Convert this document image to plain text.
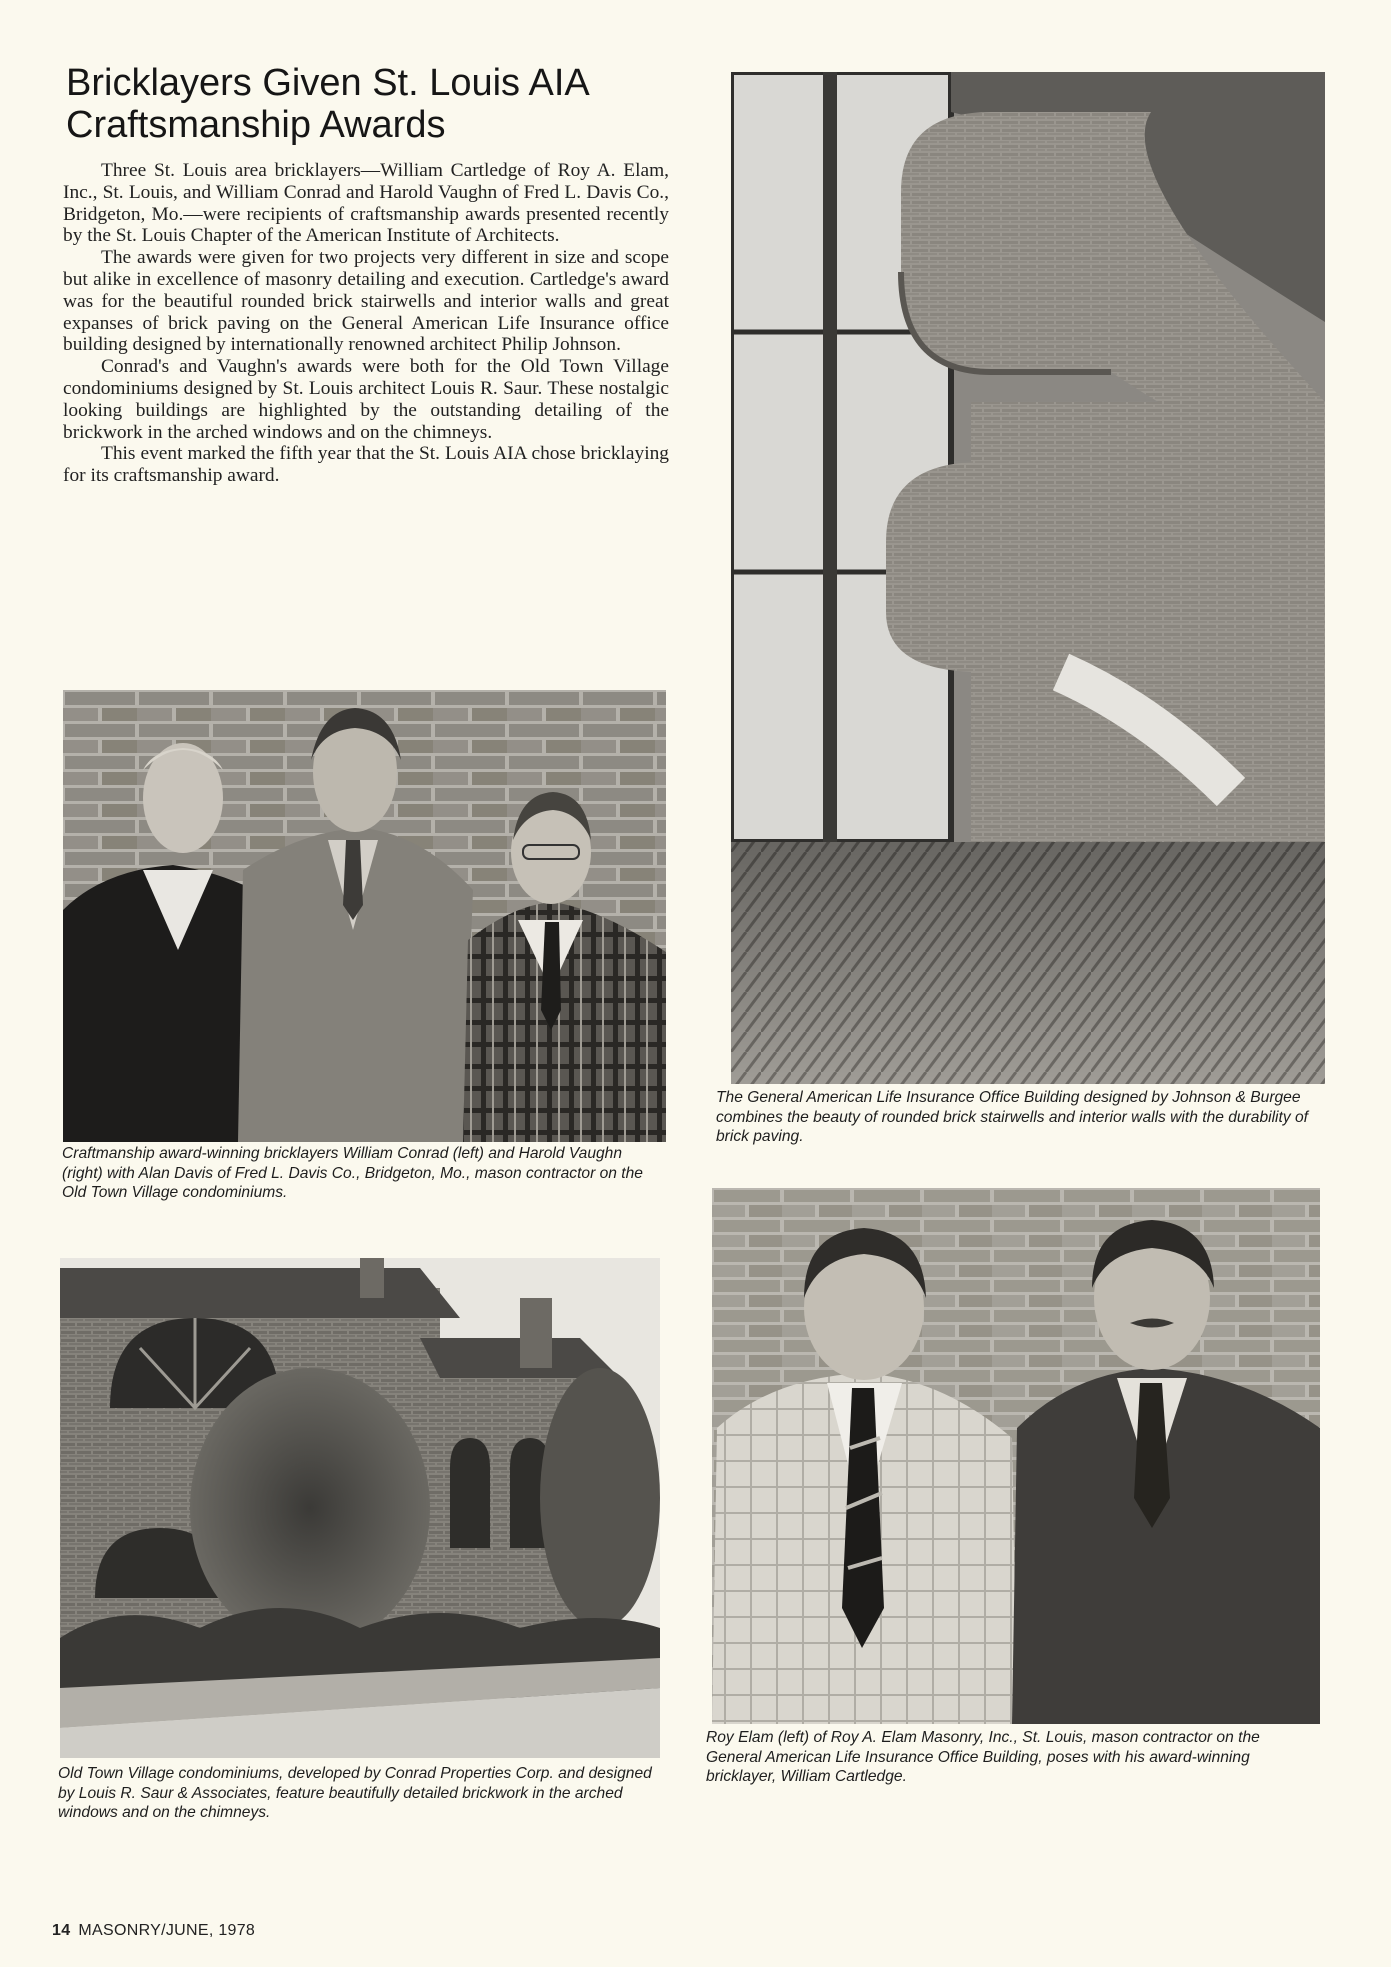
Bricklayers Given St. Louis AIA Craftsmanship Awards

Three St. Louis area bricklayers—William Cartledge of Roy A. Elam, Inc., St. Louis, and William Conrad and Harold Vaughn of Fred L. Davis Co., Bridgeton, Mo.—were recipients of craftsmanship awards presented recently by the St. Louis Chapter of the American Institute of Architects.

The awards were given for two projects very different in size and scope but alike in excellence of masonry detailing and execution. Cartledge's award was for the beautiful rounded brick stairwells and interior walls and great expanses of brick paving on the General American Life Insurance office building designed by internationally renowned architect Philip Johnson.

Conrad's and Vaughn's awards were both for the Old Town Village condominiums designed by St. Louis architect Louis R. Saur. These nostalgic looking buildings are highlighted by the outstanding detailing of the brickwork in the arched windows and on the chimneys.

This event marked the fifth year that the St. Louis AIA chose bricklaying for its craftsmanship award.

Craftmanship award-winning bricklayers William Conrad (left) and Harold Vaughn (right) with Alan Davis of Fred L. Davis Co., Bridgeton, Mo., mason contractor on the Old Town Village condominiums.
The General American Life Insurance Office Building designed by Johnson & Burgee combines the beauty of rounded brick stairwells and interior walls with the durability of brick paving.
Old Town Village condominiums, developed by Conrad Properties Corp. and designed by Louis R. Saur & Associates, feature beautifully detailed brickwork in the arched windows and on the chimneys.
Roy Elam (left) of Roy A. Elam Masonry, Inc., St. Louis, mason contractor on the General American Life Insurance Office Building, poses with his award-winning bricklayer, William Cartledge.
14 MASONRY/JUNE, 1978
